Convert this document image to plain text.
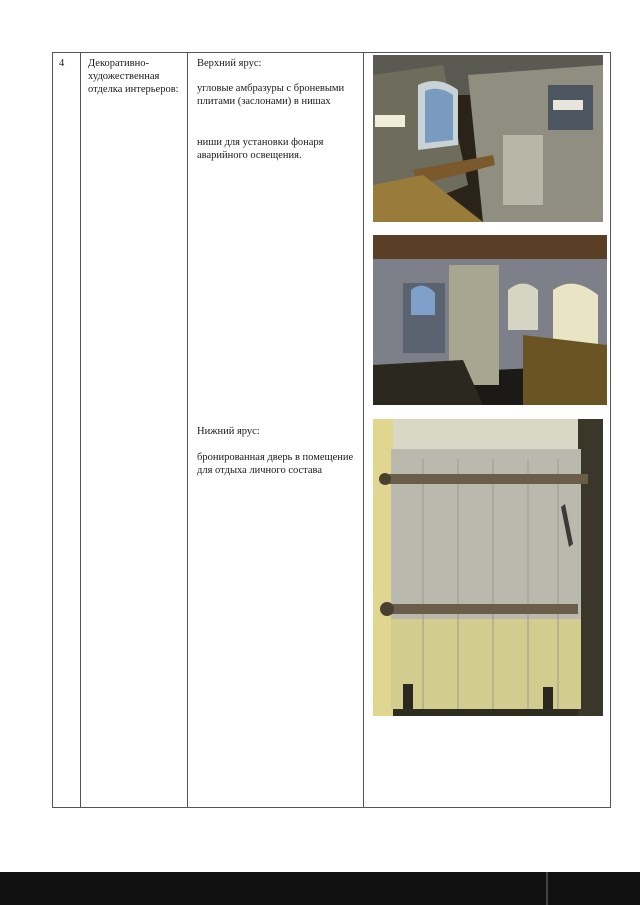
4 Декоративно-художественная отделка интерьеров:
Верхний ярус:
угловые амбразуры с броневыми плитами (заслонами) в нишах
ниши для установки фонаря аварийного освещения.
Нижний ярус:
бронированная дверь в помещение для отдыха личного состава
